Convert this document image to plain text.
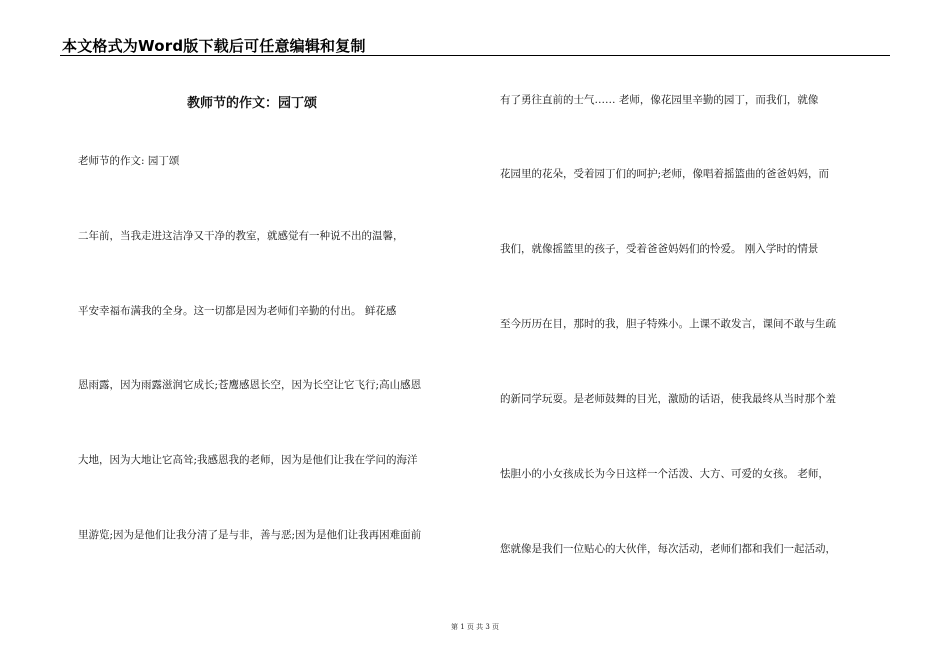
本文格式为Word版下载后可任意编辑和复制
教师节的作文：园丁颂
老师节的作文: 园丁颂
二年前，当我走进这洁净又干净的教室，就感觉有一种说不出的温馨，
平安幸福布满我的全身。这一切都是因为老师们辛勤的付出。 鲜花感
恩雨露，因为雨露滋润它成长;苍鹰感恩长空，因为长空让它飞行;高山感恩
大地，因为大地让它高耸;我感恩我的老师，因为是他们让我在学问的海洋
里游览;因为是他们让我分清了是与非，善与恶;因为是他们让我再困难面前
有了勇往直前的士气…… 老师，像花园里辛勤的园丁，而我们，就像
花园里的花朵，受着园丁们的呵护;老师，像唱着摇篮曲的爸爸妈妈，而
我们，就像摇篮里的孩子，受着爸爸妈妈们的怜爱。 刚入学时的情景
至今历历在目，那时的我，胆子特殊小。上课不敢发言，课间不敢与生疏
的新同学玩耍。是老师鼓舞的目光，激励的话语，使我最终从当时那个羞
怯胆小的小女孩成长为今日这样一个活泼、大方、可爱的女孩。 老师，
您就像是我们一位贴心的大伙伴，每次活动，老师们都和我们一起活动，
第 1 页 共 3 页
